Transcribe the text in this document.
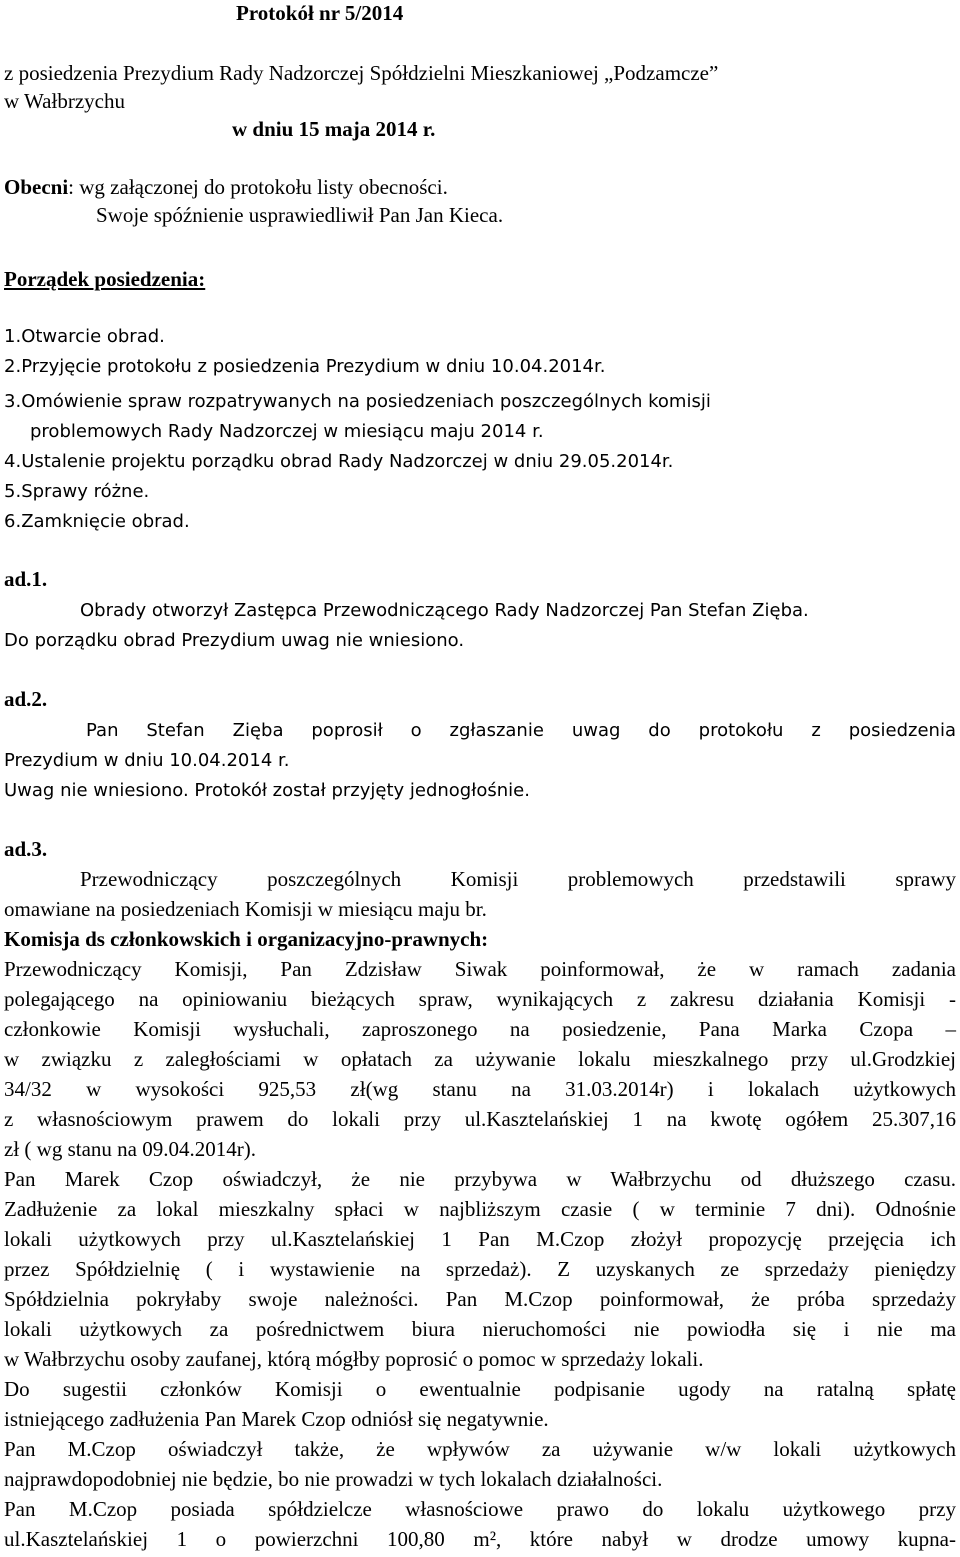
Protokół nr 5/2014
z posiedzenia Prezydium Rady Nadzorczej Spółdzielni Mieszkaniowej „Podzamcze”
w Wałbrzychu
w dniu 15 maja 2014 r.
Obecni: wg załączonej do protokołu listy obecności.
Swoje spóźnienie usprawiedliwił Pan Jan Kieca.
Porządek posiedzenia:
1.Otwarcie obrad.
2.Przyjęcie protokołu z posiedzenia Prezydium w dniu 10.04.2014r.
3.Omówienie spraw rozpatrywanych na posiedzeniach poszczególnych komisji
problemowych Rady Nadzorczej w miesiącu maju 2014 r.
4.Ustalenie projektu porządku obrad Rady Nadzorczej w dniu 29.05.2014r.
5.Sprawy różne.
6.Zamknięcie obrad.
ad.1.
Obrady otworzył Zastępca Przewodniczącego Rady Nadzorczej Pan Stefan Zięba.
Do porządku obrad Prezydium uwag nie wniesiono.
ad.2.
Pan Stefan Zięba poprosił o zgłaszanie uwag do protokołu z posiedzenia
Prezydium w dniu 10.04.2014 r.
Uwag nie wniesiono. Protokół został przyjęty jednogłośnie.
ad.3.
Przewodniczący poszczególnych Komisji problemowych przedstawili sprawy
omawiane na posiedzeniach Komisji w miesiącu maju br.
Komisja ds członkowskich i organizacyjno-prawnych:
Przewodniczący Komisji, Pan Zdzisław Siwak poinformował, że w ramach zadania
polegającego na opiniowaniu bieżących spraw, wynikających z zakresu działania Komisji -
członkowie Komisji wysłuchali, zaproszonego na posiedzenie, Pana Marka Czopa –
w związku z zaległościami w opłatach za używanie lokalu mieszkalnego przy ul.Grodzkiej
34/32 w wysokości 925,53 zł(wg stanu na 31.03.2014r) i lokalach użytkowych
z własnościowym prawem do lokali przy ul.Kasztelańskiej 1 na kwotę ogółem 25.307,16
zł ( wg stanu na 09.04.2014r).
Pan Marek Czop oświadczył, że nie przybywa w Wałbrzychu od dłuższego czasu.
Zadłużenie za lokal mieszkalny spłaci w najbliższym czasie ( w terminie 7 dni). Odnośnie
lokali użytkowych przy ul.Kasztelańskiej 1 Pan M.Czop złożył propozycję przejęcia ich
przez Spółdzielnię ( i wystawienie na sprzedaż). Z uzyskanych ze sprzedaży pieniędzy
Spółdzielnia pokryłaby swoje należności. Pan M.Czop poinformował, że próba sprzedaży
lokali użytkowych za pośrednictwem biura nieruchomości nie powiodła się i nie ma
w Wałbrzychu osoby zaufanej, którą mógłby poprosić o pomoc w sprzedaży lokali.
Do sugestii członków Komisji o ewentualnie podpisanie ugody na ratalną spłatę
istniejącego zadłużenia Pan Marek Czop odniósł się negatywnie.
Pan M.Czop oświadczył także, że wpływów za używanie w/w lokali użytkowych
najprawdopodobniej nie będzie, bo nie prowadzi w tych lokalach działalności.
Pan M.Czop posiada spółdzielcze własnościowe prawo do lokalu użytkowego przy
ul.Kasztelańskiej 1 o powierzchni 100,80 m², które nabył w drodze umowy kupna-
